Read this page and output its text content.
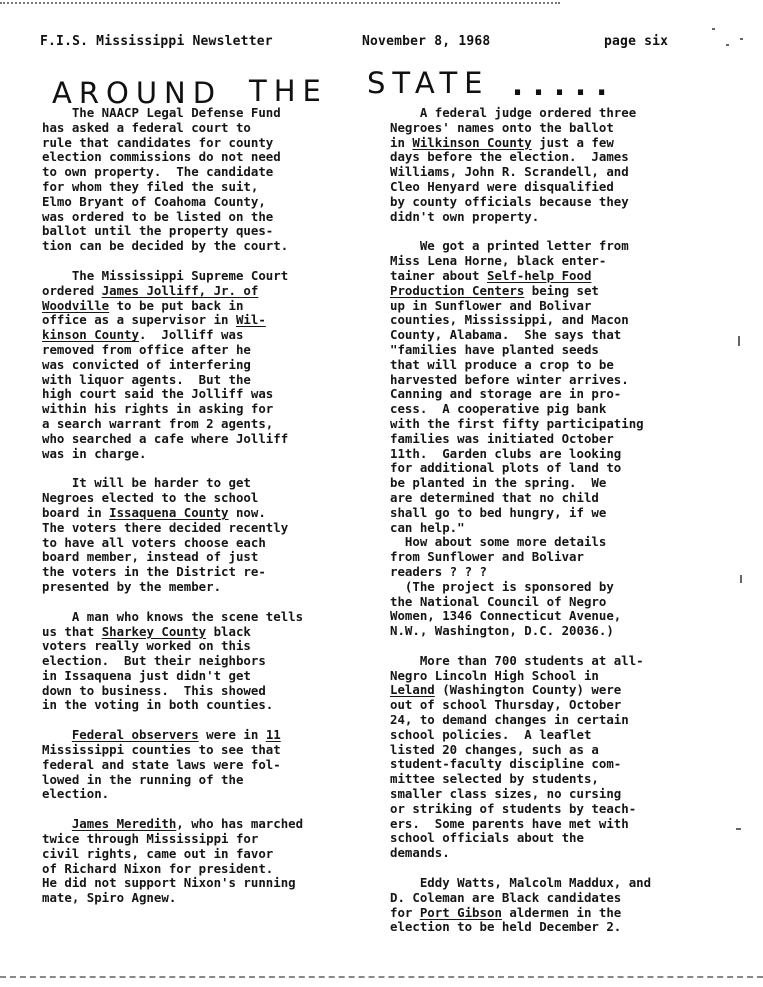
F.I.S. Mississippi Newsletter	November 8, 1968	page six
AROUND THE STATE .....
The NAACP Legal Defense Fund
has asked a federal court to
rule that candidates for county
election commissions do not need
to own property.  The candidate
for whom they filed the suit,
Elmo Bryant of Coahoma County,
was ordered to be listed on the
ballot until the property ques-
tion can be decided by the court.
The Mississippi Supreme Court
ordered James Jolliff, Jr. of
Woodville to be put back in
office as a supervisor in Wil-
kinson County.  Jolliff was
removed from office after he
was convicted of interfering
with liquor agents.  But the
high court said the Jolliff was
within his rights in asking for
a search warrant from 2 agents,
who searched a cafe where Jolliff
was in charge.
It will be harder to get
Negroes elected to the school
board in Issaquena County now.
The voters there decided recently
to have all voters choose each
board member, instead of just
the voters in the District re-
presented by the member.
A man who knows the scene tells
us that Sharkey County black
voters really worked on this
election.  But their neighbors
in Issaquena just didn't get
down to business.  This showed
in the voting in both counties.
Federal observers were in 11
Mississippi counties to see that
federal and state laws were fol-
lowed in the running of the
election.
James Meredith, who has marched
twice through Mississippi for
civil rights, came out in favor
of Richard Nixon for president.
He did not support Nixon's running
mate, Spiro Agnew.
A federal judge ordered three
Negroes' names onto the ballot
in Wilkinson County just a few
days before the election.  James
Williams, John R. Scrandell, and
Cleo Henyard were disqualified
by county officials because they
didn't own property.
We got a printed letter from
Miss Lena Horne, black enter-
tainer about Self-help Food
Production Centers being set
up in Sunflower and Bolivar
counties, Mississippi, and Macon
County, Alabama.  She says that
"families have planted seeds
that will produce a crop to be
harvested before winter arrives.
Canning and storage are in pro-
cess.  A cooperative pig bank
with the first fifty participating
families was initiated October
11th.  Garden clubs are looking
for additional plots of land to
be planted in the spring.  We
are determined that no child
shall go to bed hungry, if we
can help."
How about some more details
from Sunflower and Bolivar
readers ? ? ?
(The project is sponsored by
the National Council of Negro
Women, 1346 Connecticut Avenue,
N.W., Washington, D.C. 20036.)
More than 700 students at all-
Negro Lincoln High School in
Leland (Washington County) were
out of school Thursday, October
24, to demand changes in certain
school policies.  A leaflet
listed 20 changes, such as a
student-faculty discipline com-
mittee selected by students,
smaller class sizes, no cursing
or striking of students by teach-
ers.  Some parents have met with
school officials about the
demands.
Eddy Watts, Malcolm Maddux, and
D. Coleman are Black candidates
for Port Gibson aldermen in the
election to be held December 2.
